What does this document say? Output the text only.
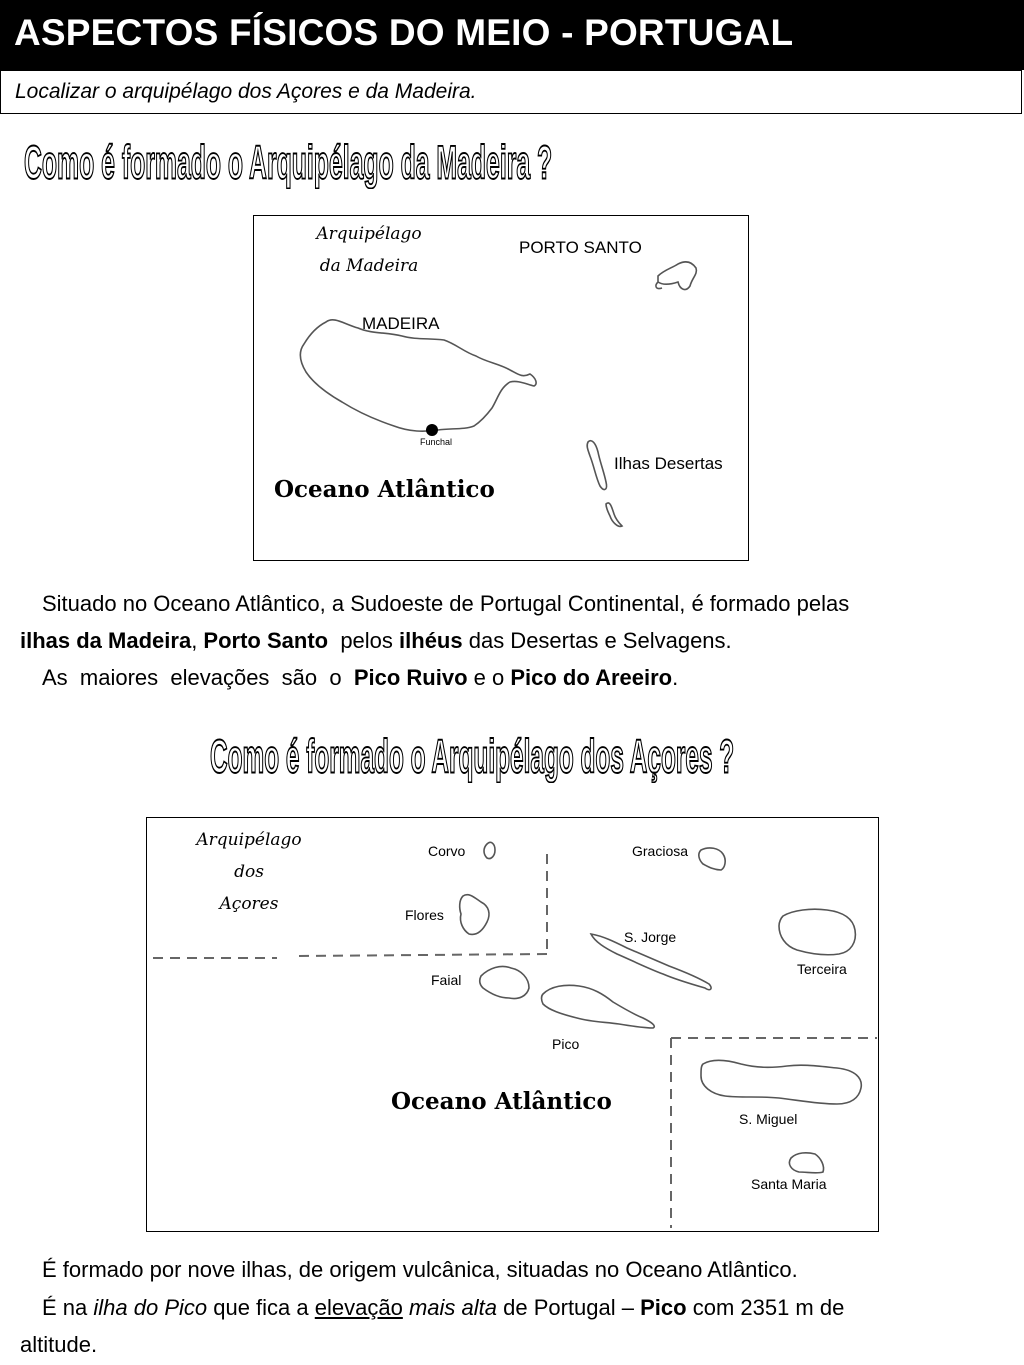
ASPECTOS FÍSICOS DO MEIO - PORTUGAL
Localizar o arquipélago dos Açores e da Madeira.
Como é formado o Arquipélago da Madeira ?
Arquipélago
da Madeira
PORTO SANTO
MADEIRA
Funchal
Ilhas Desertas
Oceano Atlântico
Situado no Oceano Atlântico, a Sudoeste de Portugal Continental, é formado pelas
ilhas da Madeira, Porto Santo  pelos ilhéus das Desertas e Selvagens.
As  maiores  elevações  são  o  Pico Ruivo e o Pico do Areeiro.
Como é formado o Arquipélago dos Açores ?
Arquipélago
dos
Açores
Corvo
Flores
Graciosa
S. Jorge
Terceira
Faial
Pico
S. Miguel
Santa Maria
Oceano Atlântico
É formado por nove ilhas, de origem vulcânica, situadas no Oceano Atlântico.
É na ilha do Pico que fica a elevação mais alta de Portugal – Pico com 2351 m de
altitude.
